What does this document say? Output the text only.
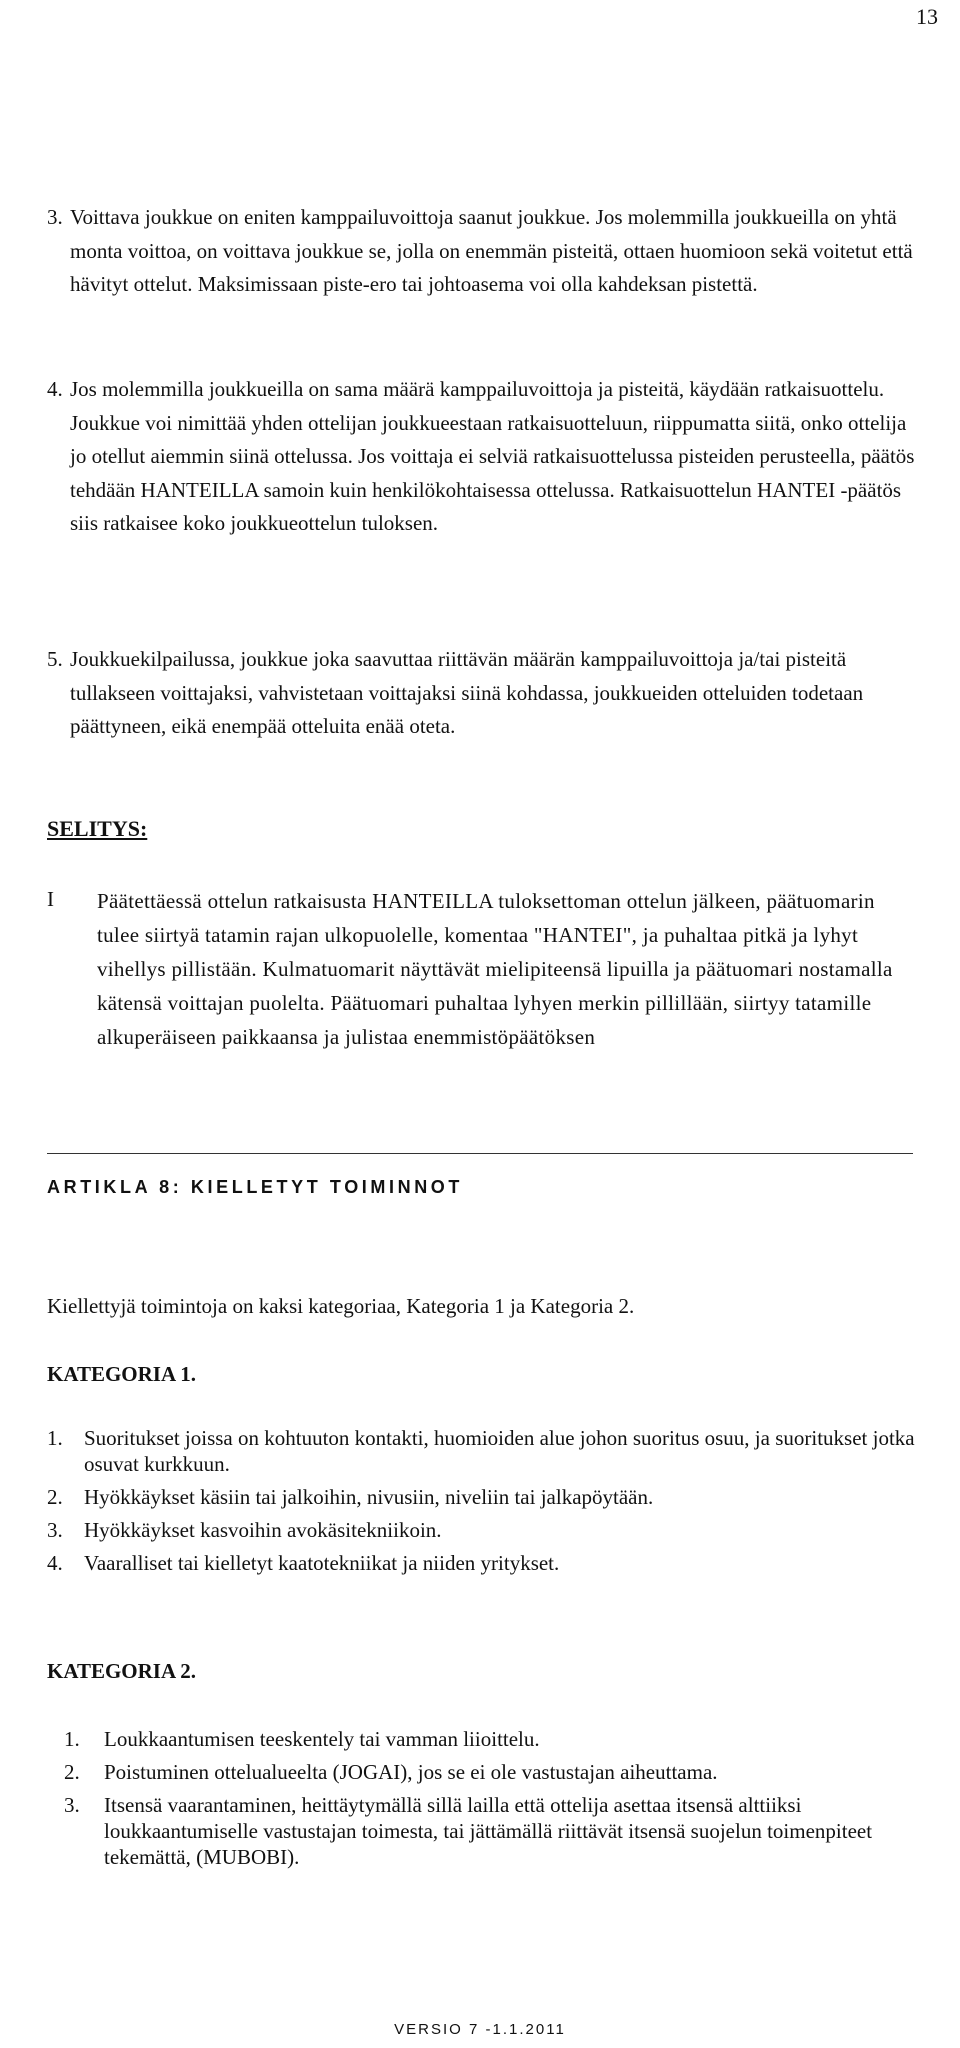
13
3. Voittava joukkue on eniten kamppailuvoittoja saanut joukkue. Jos molemmilla joukkueilla on yhtä monta voittoa, on voittava joukkue se, jolla on enemmän pisteitä, ottaen huomioon sekä voitetut että hävityt ottelut. Maksimissaan piste-ero tai johtoasema voi olla kahdeksan pistettä.
4. Jos molemmilla joukkueilla on sama määrä kamppailuvoittoja ja pisteitä, käydään ratkaisuottelu. Joukkue voi nimittää yhden ottelijan joukkueestaan ratkaisuotteluun, riippumatta siitä, onko ottelija jo otellut aiemmin siinä ottelussa. Jos voittaja ei selviä ratkaisuottelussa pisteiden perusteella, päätös tehdään HANTEILLA samoin kuin henkilökohtaisessa ottelussa. Ratkaisuottelun HANTEI -päätös siis ratkaisee koko joukkueottelun tuloksen.
5. Joukkuekilpailussa, joukkue joka saavuttaa riittävän määrän kamppailuvoittoja ja/tai pisteitä tullakseen voittajaksi, vahvistetaan voittajaksi siinä kohdassa, joukkueiden otteluiden todetaan päättyneen, eikä enempää otteluita enää oteta.
SELITYS:
I Päätettäessä ottelun ratkaisusta HANTEILLA tuloksettoman ottelun jälkeen, päätuomarin tulee siirtyä tatamin rajan ulkopuolelle, komentaa "HANTEI", ja puhaltaa pitkä ja lyhyt vihellys pillistään. Kulmatuomarit näyttävät mielipiteensä lipuilla ja päätuomari nostamalla kätensä voittajan puolelta. Päätuomari puhaltaa lyhyen merkin pillillään, siirtyy tatamille alkuperäiseen paikkaansa ja julistaa enemmistöpäätöksen
ARTIKLA 8: KIELLETYT TOIMINNOT
Kiellettyjä toimintoja on kaksi kategoriaa, Kategoria 1 ja Kategoria 2.
KATEGORIA 1.
1. Suoritukset joissa on kohtuuton kontakti, huomioiden alue johon suoritus osuu, ja suoritukset jotka osuvat kurkkuun.
2. Hyökkäykset käsiin tai jalkoihin, nivusiin, niveliin tai jalkapöytään.
3. Hyökkäykset kasvoihin avokäsitekniikoin.
4. Vaaralliset tai kielletyt kaatotekniikat ja niiden yritykset.
KATEGORIA 2.
1. Loukkaantumisen teeskentely tai vamman liioittelu.
2. Poistuminen ottelualueelta (JOGAI), jos se ei ole vastustajan aiheuttama.
3. Itsensä vaarantaminen, heittäytymällä sillä lailla että ottelija asettaa itsensä alttiiksi loukkaantumiselle vastustajan toimesta, tai jättämällä riittävät itsensä suojelun toimenpiteet tekemättä, (MUBOBI).
VERSIO 7 -1.1.2011
